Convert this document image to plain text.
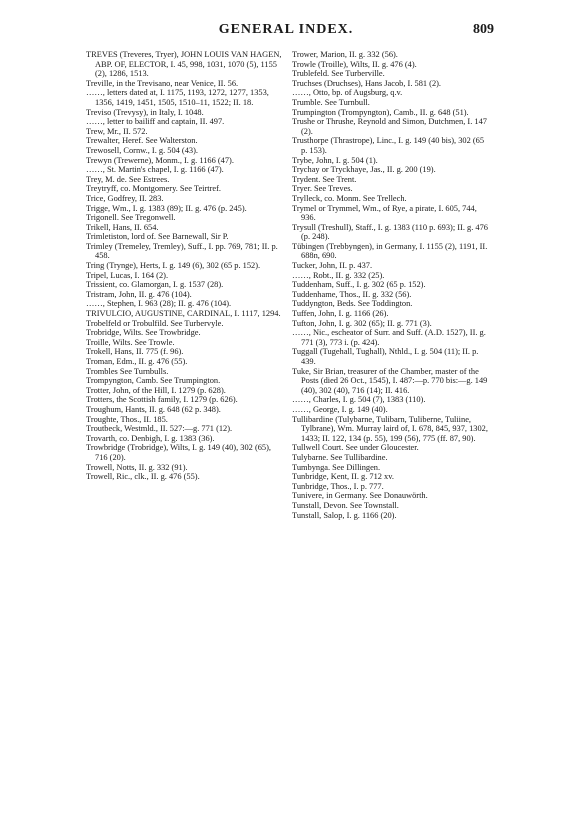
GENERAL INDEX.	809

TREVES (Treveres, Tryer), JOHN LOUIS VAN HAGEN, ABP. OF, ELECTOR, I. 45, 998, 1031, 1070 (5), 1155 (2), 1286, 1513.

Treville, in the Trevisano, near Venice, II. 56.

……, letters dated at, I. 1175, 1193, 1272, 1277, 1353, 1356, 1419, 1451, 1505, 1510–11, 1522; II. 18.

Treviso (Trevysy), in Italy, I. 1048.

……, letter to bailiff and captain, II. 497.

Trew, Mr., II. 572.

Trewalter, Heref. See Walterston.

Trewosell, Cornw., I. g. 504 (43).

Trewyn (Trewerne), Monm., I. g. 1166 (47).

……, St. Martin's chapel, I. g. 1166 (47).

Trey, M. de. See Estrees.

Treytryff, co. Montgomery. See Teirtref.

Trice, Godfrey, II. 283.

Trigge, Wm., I. g. 1383 (89); II. g. 476 (p. 245).

Trigonell. See Tregonwell.

Trikell, Hans, II. 654.

Trimletiston, lord of. See Barnewall, Sir P.

Trimley (Tremeley, Tremley), Suff., I. pp. 769, 781; II. p. 458.

Tring (Trynge), Herts, I. g. 149 (6), 302 (65 p. 152).

Tripel, Lucas, I. 164 (2).

Trissient, co. Glamorgan, I. g. 1537 (28).

Tristram, John, II. g. 476 (104).

……, Stephen, I. 963 (28); II. g. 476 (104).

TRIVULCIO, AUGUSTINE, CARDINAL, I. 1117, 1294.

Trobelfeld or Trobulfild. See Turbervyle.

Trobridge, Wilts. See Trowbridge.

Troille, Wilts. See Trowle.

Trokell, Hans, II. 775 (f. 96).

Troman, Edm., II. g. 476 (55).

Trombles See Turnbulls.

Trompyngton, Camb. See Trumpington.

Trotter, John, of the Hill, I. 1279 (p. 628).

Trotters, the Scottish family, I. 1279 (p. 626).

Troughum, Hants, II. g. 648 (62 p. 348).

Troughte, Thos., II. 185.

Troutbeck, Westmld., II. 527:—g. 771 (12).

Trovarth, co. Denbigh, I. g. 1383 (36).

Trowbridge (Trobridge), Wilts, I. g. 149 (40), 302 (65), 716 (20).

Trowell, Notts, II. g. 332 (91).

Trowell, Ric., clk., II. g. 476 (55).

Trower, Marion, II. g. 332 (56).

Trowle (Troille), Wilts, II. g. 476 (4).

Trublefeld. See Turberville.

Truchses (Druchses), Hans Jacob, I. 581 (2).

……, Otto, bp. of Augsburg, q.v.

Trumble. See Turnbull.

Trumpington (Trompyngton), Camb., II. g. 648 (51).

Trushe or Thrushe, Reynold and Simon, Dutchmen, I. 147 (2).

Trusthorpe (Thrastrope), Linc., I. g. 149 (40 bis), 302 (65 p. 153).

Trybe, John, I. g. 504 (1).

Trychay or Tryckhaye, Jas., II. g. 200 (19).

Trydent. See Trent.

Tryer. See Treves.

Trylleck, co. Monm. See Trellech.

Trymel or Trymmel, Wm., of Rye, a pirate, I. 605, 744, 936.

Trysull (Treshull), Staff., I. g. 1383 (110 p. 693); II. g. 476 (p. 248).

Tübingen (Trebbyngen), in Germany, I. 1155 (2), 1191, II. 688n, 690.

Tucker, John, II. p. 437.

……, Robt., II. g. 332 (25).

Tuddenham, Suff., I. g. 302 (65 p. 152).

Tuddenhame, Thos., II. g. 332 (56).

Tuddyngton, Beds. See Toddington.

Tuffen, John, I. g. 1166 (26).

Tufton, John, I. g. 302 (65); II. g. 771 (3).

……, Nic., escheator of Surr. and Suff. (A.D. 1527), II. g. 771 (3), 773 i. (p. 424).

Tuggall (Tugehall, Tughall), Nthld., I. g. 504 (11); II. p. 439.

Tuke, Sir Brian, treasurer of the Chamber, master of the Posts (died 26 Oct., 1545), I. 487:—p. 770 bis:—g. 149 (40), 302 (40), 716 (14); II. 416.

……, Charles, I. g. 504 (7), 1383 (110).

……, George, I. g. 149 (40).

Tullibardine (Tulybarne, Tulibarn, Tuliberne, Tuliine, Tylbrane), Wm. Murray laird of, I. 678, 845, 937, 1302, 1433; II. 122, 134 (p. 55), 199 (56), 775 (ff. 87, 90).

Tullwell Court. See under Gloucester.

Tulybarne. See Tullibardine.

Tumbynga. See Dillingen.

Tunbridge, Kent, II. g. 712 xv.

Tunbridge, Thos., I. p. 777.

Tunivere, in Germany. See Donauwörth.

Tunstall, Devon. See Townstall.

Tunstall, Salop, I. g. 1166 (20).
